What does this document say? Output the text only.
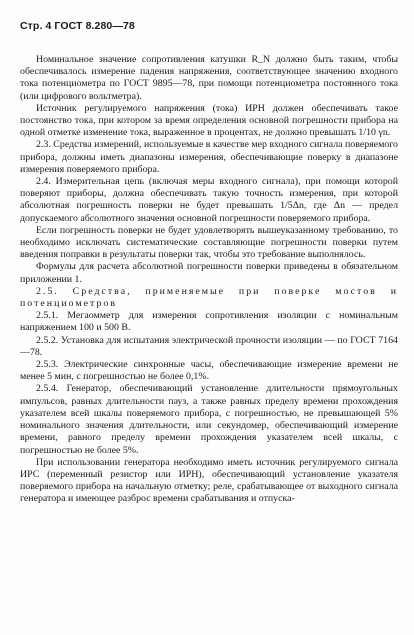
Стр. 4 ГОСТ 8.280—78

Номинальное значение сопротивления катушки R_N должно быть таким, чтобы обеспечивалось измерение падения напряжения, соответствующее значению входного тока потенциометра по ГОСТ 9895—78, при помощи потенциометра постоянного тока (или цифрового вольтметра).

Источник регулируемого напряжения (тока) ИРН должен обеспечивать такое постоянство тока, при котором за время определения основной погрешности прибора на одной отметке изменение тока, выраженное в процентах, не должно превышать 1/10 γn.

2.3. Средства измерений, используемые в качестве мер входного сигнала поверяемого прибора, должны иметь диапазоны измерения, обеспечивающие поверку в диапазоне измерения поверяемого прибора.

2.4. Измерительная цепь (включая меры входного сигнала), при помощи которой поверяют приборы, должна обеспечивать такую точность измерения, при которой абсолютная погрешность поверки не будет превышать 1/5Δn, где Δn — предел допускаемого абсолютного значения основной погрешности поверяемого прибора.

Если погрешность поверки не будет удовлетворять вышеуказанному требованию, то необходимо исключать систематические составляющие погрешности поверки путем введения поправки в результаты поверки так, чтобы это требование выполнялось.

Формулы для расчета абсолютной погрешности поверки приведены в обязательном приложении 1.

2.5. Средства, применяемые при поверке мостов и потенциометров

2.5.1. Мегаомметр для измерения сопротивления изоляции с номинальным напряжением 100 и 500 В.

2.5.2. Установка для испытания электрической прочности изоляции — по ГОСТ 7164—78.

2.5.3. Электрические синхронные часы, обеспечивающие измерение времени не менее 5 мин, с погрешностью не более 0,1%.

2.5.4. Генератор, обеспечивающий установление длительности прямоугольных импульсов, равных длительности пауз, а также равных пределу времени прохождения указателем всей шкалы поверяемого прибора, с погрешностью, не превышающей 5% номинального значения длительности, или секундомер, обеспечивающий измерение времени, равного пределу времени прохождения указателем всей шкалы, с погрешностью не более 5%.

При использовании генератора необходимо иметь источник регулируемого сигнала ИРС (переменный резистор или ИРН), обеспечивающий установление указателя поверяемого прибора на начальную отметку; реле, срабатывающее от выходного сигнала генератора и имеющее разброс времени срабатывания и отпуска-
